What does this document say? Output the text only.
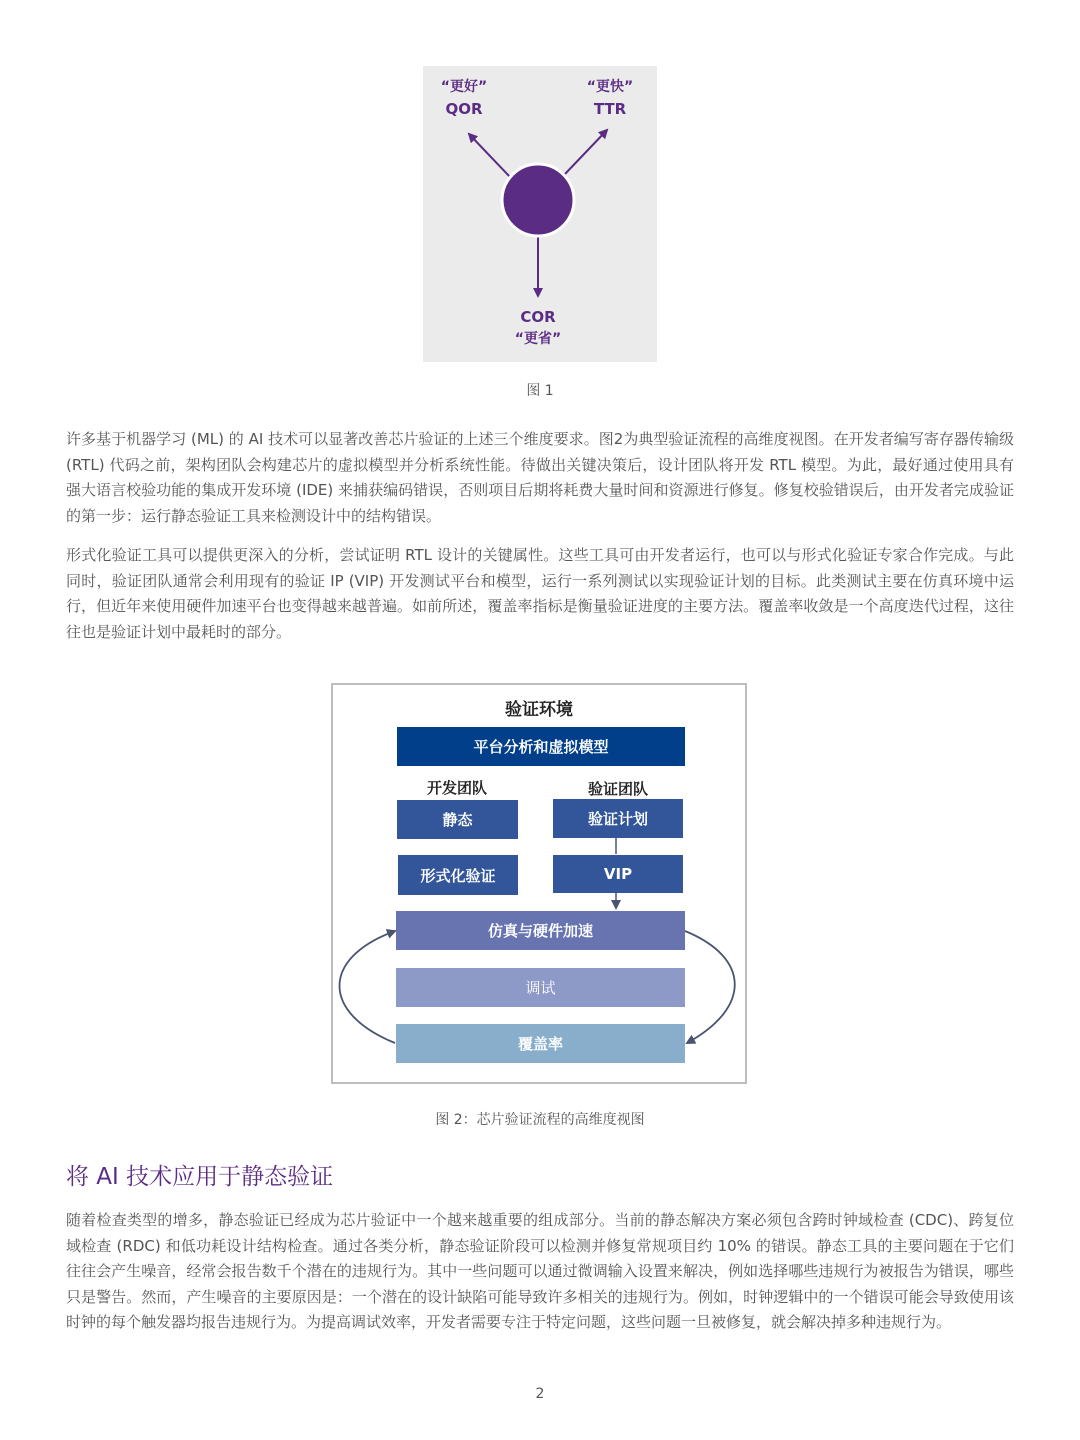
“更好”
QOR
“更快”
TTR
COR
“更省”
图 1

许多基于机器学习 (ML) 的 AI 技术可以显著改善芯片验证的上述三个维度要求。图2为典型验证流程的高维度视图。在开发者编写寄存器传输级 (RTL) 代码之前，架构团队会构建芯片的虚拟模型并分析系统性能。待做出关键决策后，设计团队将开发 RTL 模型。为此，最好通过使用具有强大语言校验功能的集成开发环境 (IDE) 来捕获编码错误，否则项目后期将耗费大量时间和资源进行修复。修复校验错误后，由开发者完成验证的第一步：运行静态验证工具来检测设计中的结构错误。

形式化验证工具可以提供更深入的分析，尝试证明 RTL 设计的关键属性。这些工具可由开发者运行，也可以与形式化验证专家合作完成。与此同时，验证团队通常会利用现有的验证 IP (VIP) 开发测试平台和模型，运行一系列测试以实现验证计划的目标。此类测试主要在仿真环境中运行，但近年来使用硬件加速平台也变得越来越普遍。如前所述，覆盖率指标是衡量验证进度的主要方法。覆盖率收敛是一个高度迭代过程，这往往也是验证计划中最耗时的部分。

验证环境
平台分析和虚拟模型
开发团队	验证团队
静态	验证计划
形式化验证	VIP
仿真与硬件加速
调试
覆盖率
图 2：芯片验证流程的高维度视图
将 AI 技术应用于静态验证

随着检查类型的增多，静态验证已经成为芯片验证中一个越来越重要的组成部分。当前的静态解决方案必须包含跨时钟域检查 (CDC)、跨复位域检查 (RDC) 和低功耗设计结构检查。通过各类分析，静态验证阶段可以检测并修复常规项目约 10% 的错误。静态工具的主要问题在于它们往往会产生噪音，经常会报告数千个潜在的违规行为。其中一些问题可以通过微调输入设置来解决，例如选择哪些违规行为被报告为错误，哪些只是警告。然而，产生噪音的主要原因是：一个潜在的设计缺陷可能导致许多相关的违规行为。例如，时钟逻辑中的一个错误可能会导致使用该时钟的每个触发器均报告违规行为。为提高调试效率，开发者需要专注于特定问题，这些问题一旦被修复，就会解决掉多种违规行为。

2
